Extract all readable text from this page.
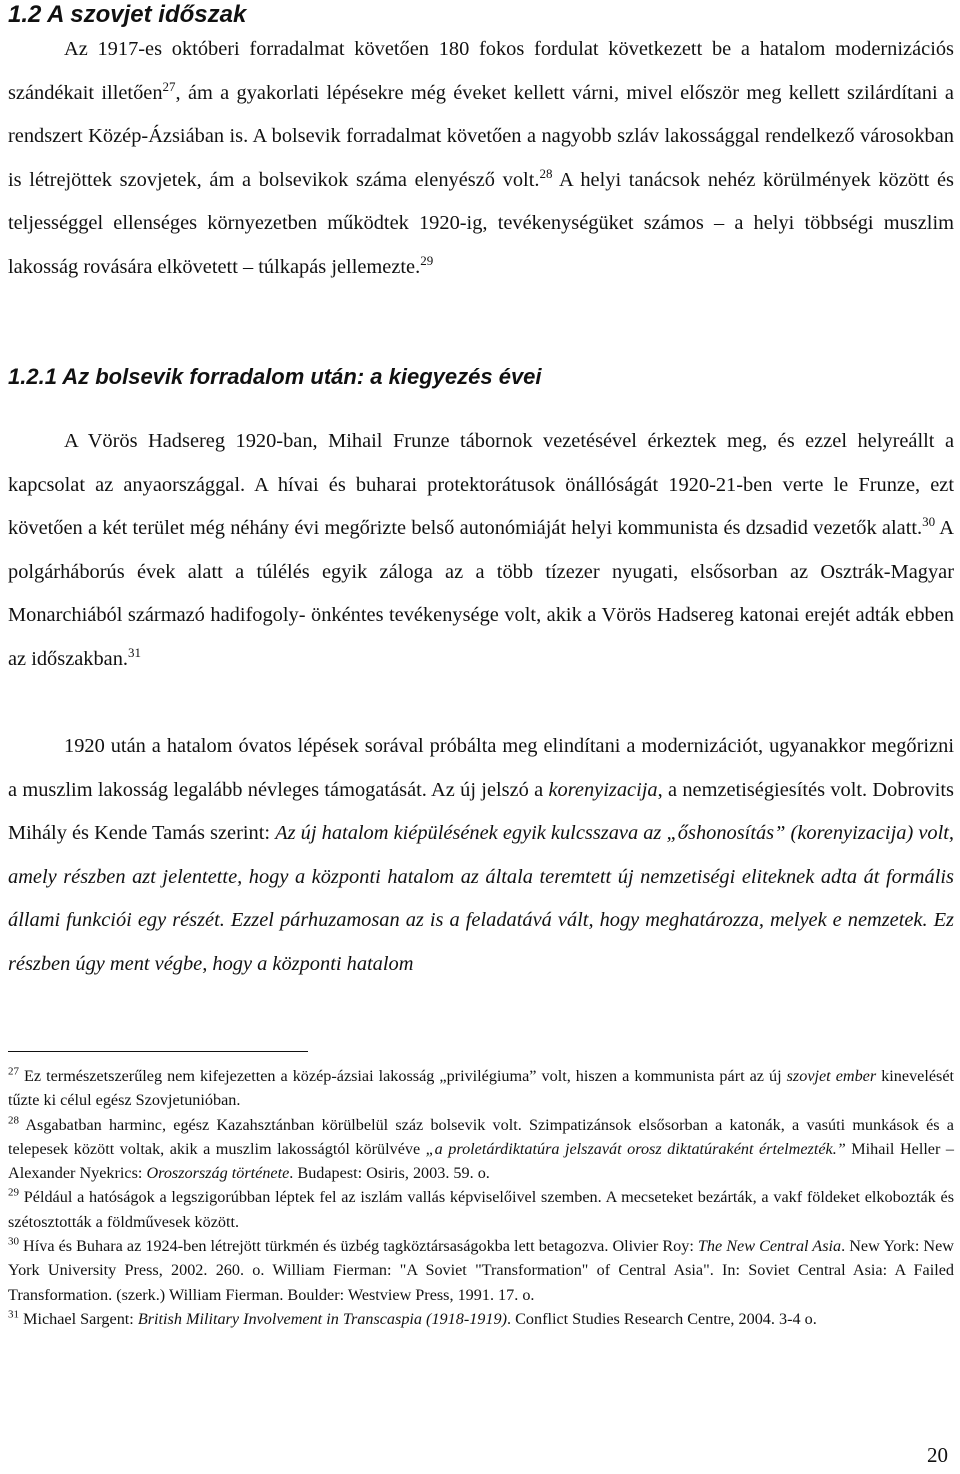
1.2 A szovjet időszak

Az 1917-es októberi forradalmat követően 180 fokos fordulat következett be a hatalom modernizációs szándékait illetően$^{27}$, ám a gyakorlati lépésekre még éveket kellett várni, mivel először meg kellett szilárdítani a rendszert Közép-Ázsiában is. A bolsevik forradalmat követően a nagyobb szláv lakossággal rendelkező városokban is létrejöttek szovjetek, ám a bolsevikok száma elenyésző volt.$^{28}$ A helyi tanácsok nehéz körülmények között és teljességgel ellenséges környezetben működtek 1920-ig, tevékenységüket számos – a helyi többségi muszlim lakosság rovására elkövetett – túlkapás jellemezte.$^{29}$

1.2.1 Az bolsevik forradalom után: a kiegyezés évei

A Vörös Hadsereg 1920-ban, Mihail Frunze tábornok vezetésével érkeztek meg, és ezzel helyreállt a kapcsolat az anyaországgal. A hívai és buharai protektorátusok önállóságát 1920-21-ben verte le Frunze, ezt követően a két terület még néhány évi megőrizte belső autonómiáját helyi kommunista és dzsadid vezetők alatt.$^{30}$ A polgárháborús évek alatt a túlélés egyik záloga az a több tízezer nyugati, elsősorban az Osztrák-Magyar Monarchiából származó hadifogoly- önkéntes tevékenysége volt, akik a Vörös Hadsereg katonai erejét adták ebben az időszakban.$^{31}$

1920 után a hatalom óvatos lépések sorával próbálta meg elindítani a modernizációt, ugyanakkor megőrizni a muszlim lakosság legalább névleges támogatását. Az új jelszó a korenyizacija, a nemzetiségiesítés volt. Dobrovits Mihály és Kende Tamás szerint: Az új hatalom kiépülésének egyik kulcsszava az „őshonosítás” (korenyizacija) volt, amely részben azt jelentette, hogy a központi hatalom az általa teremtett új nemzetiségi eliteknek adta át formális állami funkciói egy részét. Ezzel párhuzamosan az is a feladatává vált, hogy meghatározza, melyek e nemzetek. Ez részben úgy ment végbe, hogy a központi hatalom

$^{27}$ Ez természetszerűleg nem kifejezetten a közép-ázsiai lakosság „privilégiuma” volt, hiszen a kommunista párt az új szovjet ember kinevelését tűzte ki célul egész Szovjetunióban.

$^{28}$ Asgabatban harminc, egész Kazahsztánban körülbelül száz bolsevik volt. Szimpatizánsok elsősorban a katonák, a vasúti munkások és a telepesek között voltak, akik a muszlim lakosságtól körülvéve „a proletárdiktatúra jelszavát orosz diktatúraként értelmezték.” Mihail Heller – Alexander Nyekrics: Oroszország története. Budapest: Osiris, 2003. 59. o.

$^{29}$ Például a hatóságok a legszigorúbban léptek fel az iszlám vallás képviselőivel szemben. A mecseteket bezárták, a vakf földeket elkobozták és szétosztották a földművesek között.

$^{30}$ Híva és Buhara az 1924-ben létrejött türkmén és üzbég tagköztársaságokba lett betagozva. Olivier Roy: The New Central Asia. New York: New York University Press, 2002. 260. o. William Fierman: "A Soviet "Transformation" of Central Asia". In: Soviet Central Asia: A Failed Transformation. (szerk.) William Fierman. Boulder: Westview Press, 1991. 17. o.

$^{31}$ Michael Sargent: British Military Involvement in Transcaspia (1918-1919). Conflict Studies Research Centre, 2004. 3-4 o.

20
